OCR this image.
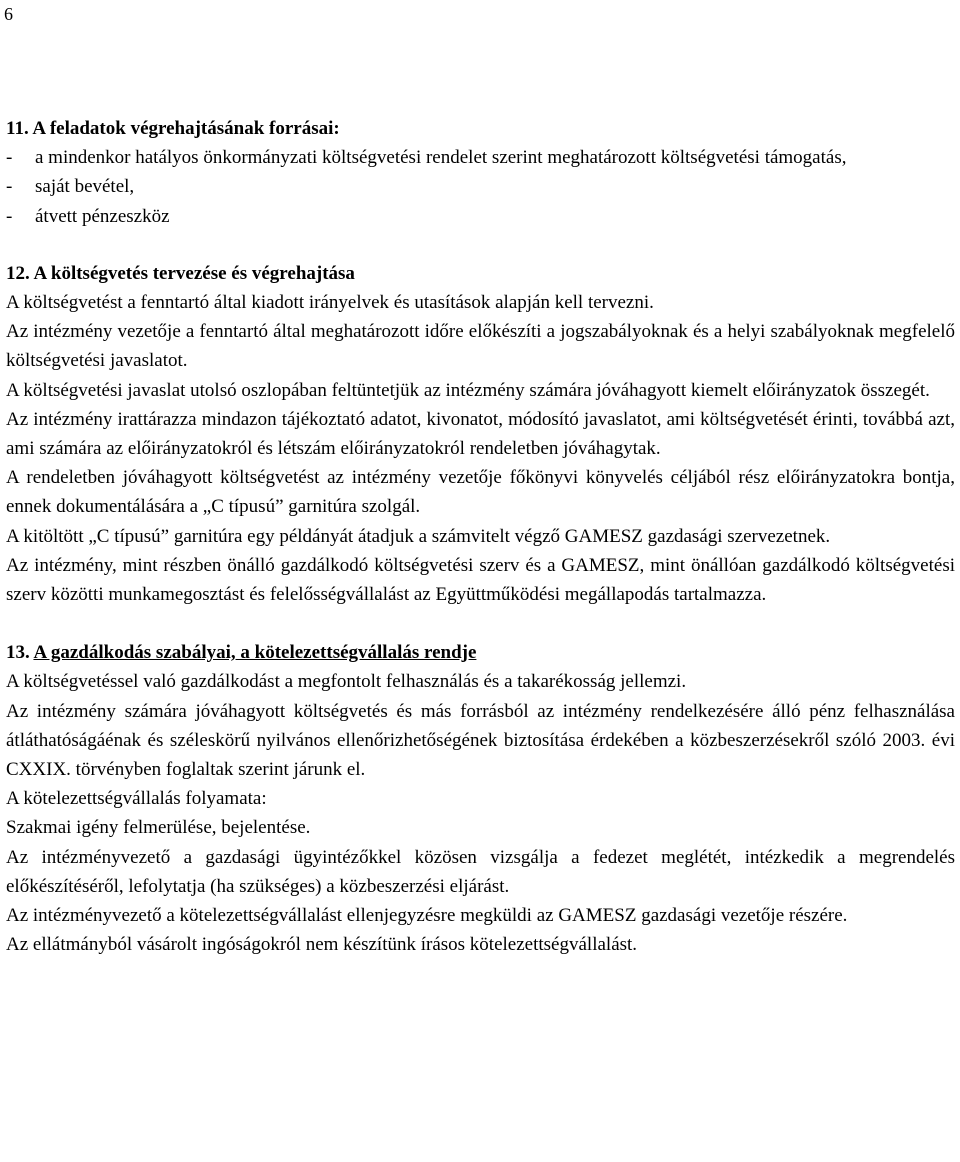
6

11. A feladatok végrehajtásának forrásai:

-	a mindenkor hatályos önkormányzati költségvetési rendelet szerint meghatározott költségvetési támogatás,
-	saját bevétel,
-	átvett pénzeszköz

12. A költségvetés tervezése és végrehajtása

A költségvetést a fenntartó által kiadott irányelvek és utasítások alapján kell tervezni.

Az intézmény vezetője a fenntartó által meghatározott időre előkészíti a jogszabályoknak és a helyi szabályoknak megfelelő költségvetési javaslatot.

A költségvetési javaslat utolsó oszlopában feltüntetjük az intézmény számára jóváhagyott kiemelt előirányzatok összegét.

Az intézmény irattárazza mindazon tájékoztató adatot, kivonatot, módosító javaslatot, ami költségvetését érinti, továbbá azt, ami számára az előirányzatokról és létszám előirányzatokról rendeletben jóváhagytak.

A rendeletben jóváhagyott költségvetést az intézmény vezetője főkönyvi könyvelés céljából rész előirányzatokra bontja, ennek dokumentálására a „C típusú” garnitúra szolgál.

A kitöltött „C típusú” garnitúra egy példányát átadjuk a számvitelt végző GAMESZ gazdasági szervezetnek.

Az intézmény, mint részben önálló gazdálkodó költségvetési szerv és a GAMESZ, mint önállóan gazdálkodó költségvetési szerv közötti munkamegosztást és felelősségvállalást az Együttműködési megállapodás tartalmazza.

13. A gazdálkodás szabályai, a kötelezettségvállalás rendje

A költségvetéssel való gazdálkodást a megfontolt felhasználás és a takarékosság jellemzi.

Az intézmény számára jóváhagyott költségvetés és más forrásból az intézmény rendelkezésére álló pénz felhasználása átláthatóságáénak és széleskörű nyilvános ellenőrizhetőségének biztosítása érdekében a közbeszerzésekről szóló 2003. évi CXXIX. törvényben foglaltak szerint járunk el.

A kötelezettségvállalás folyamata:

Szakmai igény felmerülése, bejelentése.

Az intézményvezető a gazdasági ügyintézőkkel közösen vizsgálja a fedezet meglétét, intézkedik a megrendelés előkészítéséről, lefolytatja (ha szükséges) a közbeszerzési eljárást.

Az intézményvezető a kötelezettségvállalást ellenjegyzésre megküldi az GAMESZ gazdasági vezetője részére.

Az ellátmányból vásárolt ingóságokról nem készítünk írásos kötelezettségvállalást.
